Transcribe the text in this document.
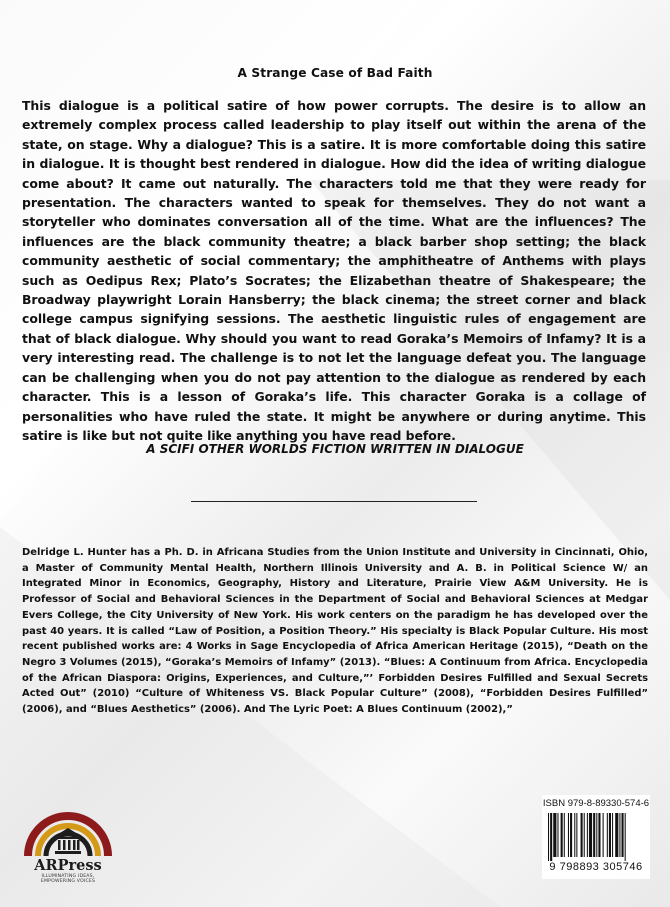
A Strange Case of Bad Faith

This dialogue is a political satire of how power corrupts. The desire is to allow an extremely complex process called leadership to play itself out within the arena of the state, on stage. Why a dialogue? This is a satire. It is more comfortable doing this satire in dialogue. It is thought best rendered in dialogue. How did the idea of writing dialogue come about? It came out naturally. The characters told me that they were ready for presentation. The characters wanted to speak for themselves. They do not want a storyteller who dominates conversation all of the time. What are the influences? The influences are the black community theatre; a black barber shop setting; the black community aesthetic of social commentary; the amphitheatre of Anthems with plays such as Oedipus Rex; Plato’s Socrates; the Elizabethan theatre of Shakespeare; the Broadway playwright Lorain Hansberry; the black cinema; the street corner and black college campus signifying sessions. The aesthetic linguistic rules of engagement are that of black dialogue. Why should you want to read Goraka’s Memoirs of Infamy? It is a very interesting read. The challenge is to not let the language defeat you. The language can be challenging when you do not pay attention to the dialogue as rendered by each character. This is a lesson of Goraka’s life. This character Goraka is a collage of personalities who have ruled the state. It might be anywhere or during anytime. This satire is like but not quite like anything you have read before.

A SCIFI OTHER WORLDS FICTION WRITTEN IN DIALOGUE

Delridge L. Hunter has a Ph. D. in Africana Studies from the Union Institute and University in Cincinnati, Ohio, a Master of Community Mental Health, Northern Illinois University and A. B. in Political Science W/ an Integrated Minor in Economics, Geography, History and Literature, Prairie View A&M University. He is Professor of Social and Behavioral Sciences in the Department of Social and Behavioral Sciences at Medgar Evers College, the City University of New York. His work centers on the paradigm he has developed over the past 40 years. It is called “Law of Position, a Position Theory.” His specialty is Black Popular Culture. His most recent published works are: 4 Works in Sage Encyclopedia of Africa American Heritage (2015), “Death on the Negro 3 Volumes (2015), “Goraka’s Memoirs of Infamy” (2013). “Blues: A Continuum from Africa. Encyclopedia of the African Diaspora: Origins, Experiences, and Culture,”’ Forbidden Desires Fulfilled and Sexual Secrets Acted Out” (2010) “Culture of Whiteness VS. Black Popular Culture” (2008), “Forbidden Desires Fulfilled” (2006), and “Blues Aesthetics” (2006). And The Lyric Poet: A Blues Continuum (2002),”

ARPress
ILLUMINATING IDEAS,
EMPOWERING VOICES
ISBN 979-8-89330-574-6
9 798893 305746
